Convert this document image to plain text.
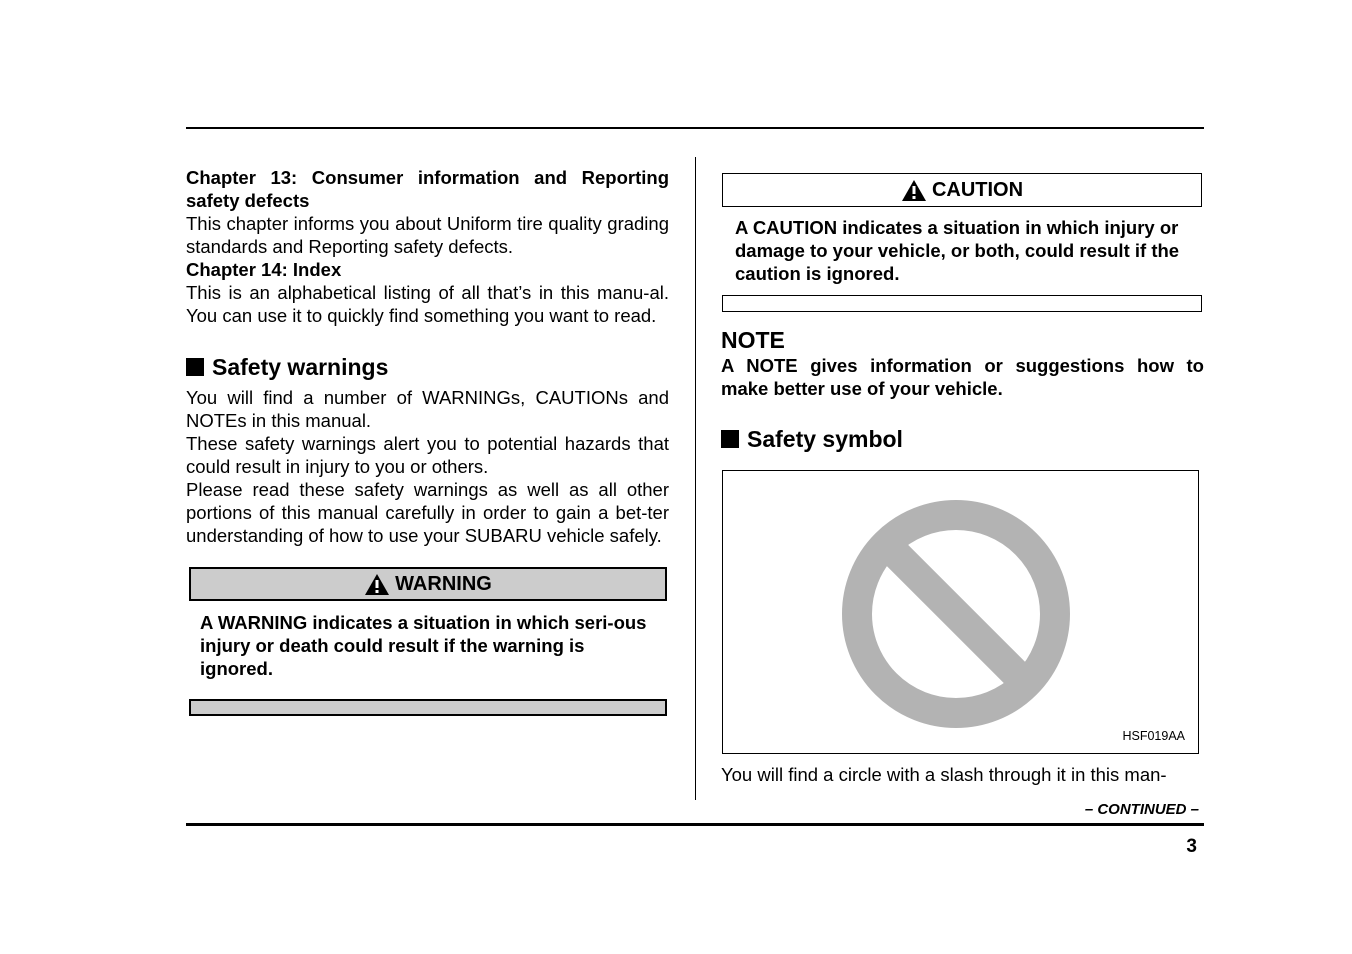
Chapter 13: Consumer information and Reporting safety defects

This chapter informs you about Uniform tire quality grading standards and Reporting safety defects.

Chapter 14: Index

This is an alphabetical listing of all that’s in this manu-al. You can use it to quickly find something you want to read.

Safety warnings

You will find a number of WARNINGs, CAUTIONs and NOTEs in this manual.

These safety warnings alert you to potential hazards that could result in injury to you or others.

Please read these safety warnings as well as all other portions of this manual carefully in order to gain a bet-ter understanding of how to use your SUBARU vehicle safely.

WARNING

A WARNING indicates a situation in which seri-ous injury or death could result if the warning is ignored.

CAUTION

A CAUTION indicates a situation in which injury or damage to your vehicle, or both, could result if the caution is ignored.

NOTE

A NOTE gives information or suggestions how to make better use of your vehicle.

Safety symbol
HSF019AA

You will find a circle with a slash through it in this man-

– CONTINUED –
3
